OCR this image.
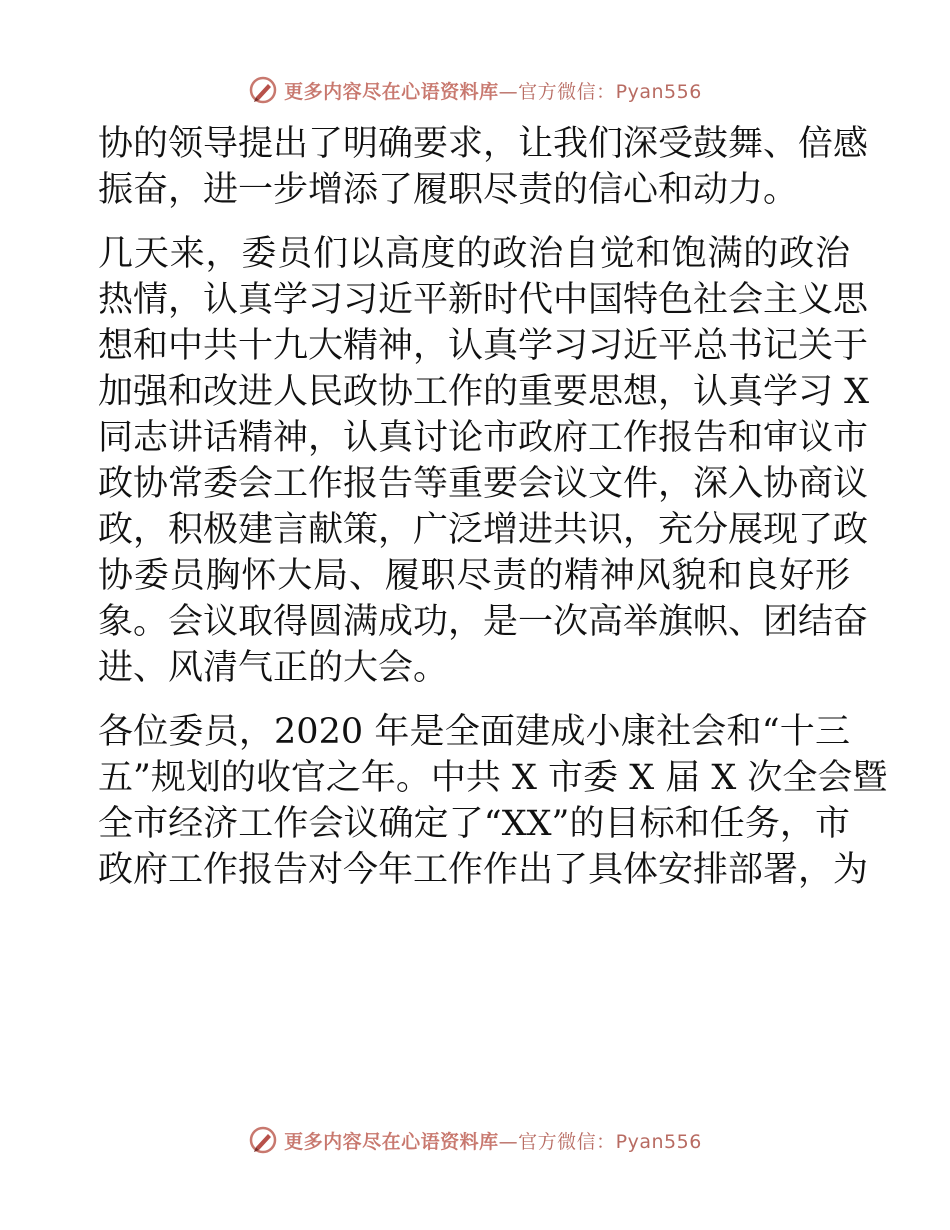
更多内容尽在心语资料库—官方微信：Pyan556
协的领导提出了明确要求，让我们深受鼓舞、倍感
振奋，进一步增添了履职尽责的信心和动力。
几天来，委员们以高度的政治自觉和饱满的政治
热情，认真学习习近平新时代中国特色社会主义思
想和中共十九大精神，认真学习习近平总书记关于
加强和改进人民政协工作的重要思想，认真学习 X
同志讲话精神，认真讨论市政府工作报告和审议市
政协常委会工作报告等重要会议文件，深入协商议
政，积极建言献策，广泛增进共识，充分展现了政
协委员胸怀大局、履职尽责的精神风貌和良好形
象。会议取得圆满成功，是一次高举旗帜、团结奋
进、风清气正的大会。
各位委员，2020 年是全面建成小康社会和“十三
五”规划的收官之年。中共 X 市委 X 届 X 次全会暨
全市经济工作会议确定了“XX”的目标和任务，市
政府工作报告对今年工作作出了具体安排部署，为
更多内容尽在心语资料库—官方微信：Pyan556
